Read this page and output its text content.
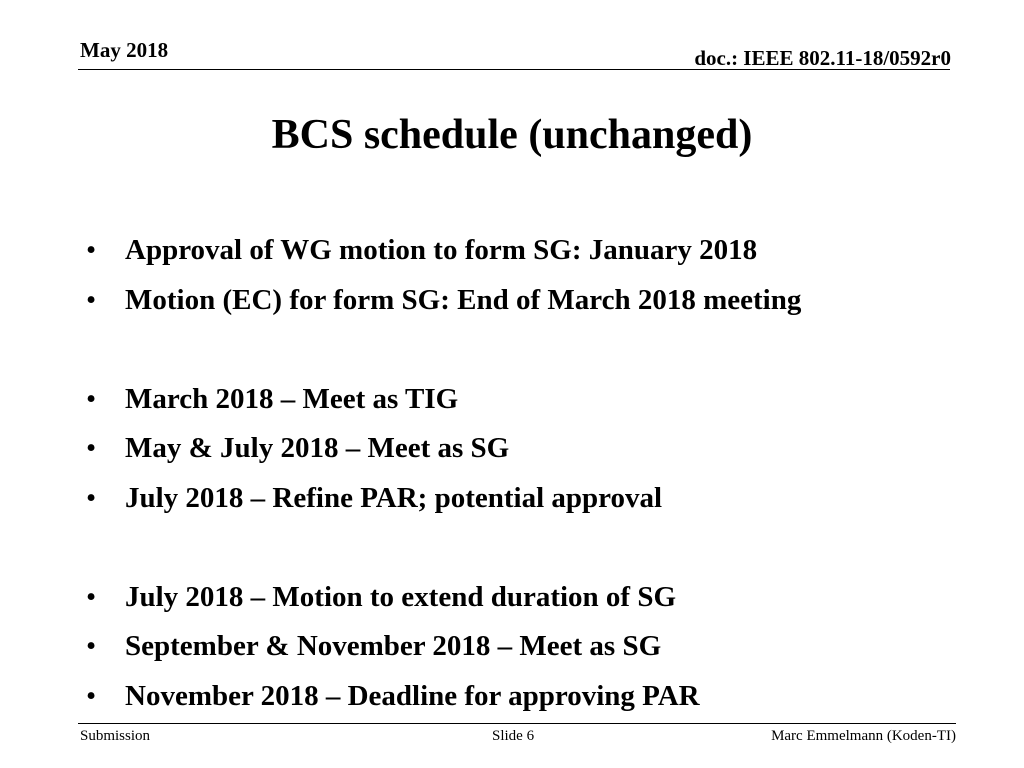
May 2018	doc.: IEEE 802.11-18/0592r0
BCS schedule (unchanged)
• Approval of WG motion to form SG: January 2018
• Motion (EC) for form SG: End of March 2018 meeting
• March 2018 – Meet as TIG
• May & July 2018 – Meet as SG
• July 2018 – Refine PAR; potential approval
• July 2018 – Motion to extend duration of SG
• September & November 2018 – Meet as SG
• November 2018 – Deadline for approving PAR
Submission	Slide 6	Marc Emmelmann (Koden-TI)
